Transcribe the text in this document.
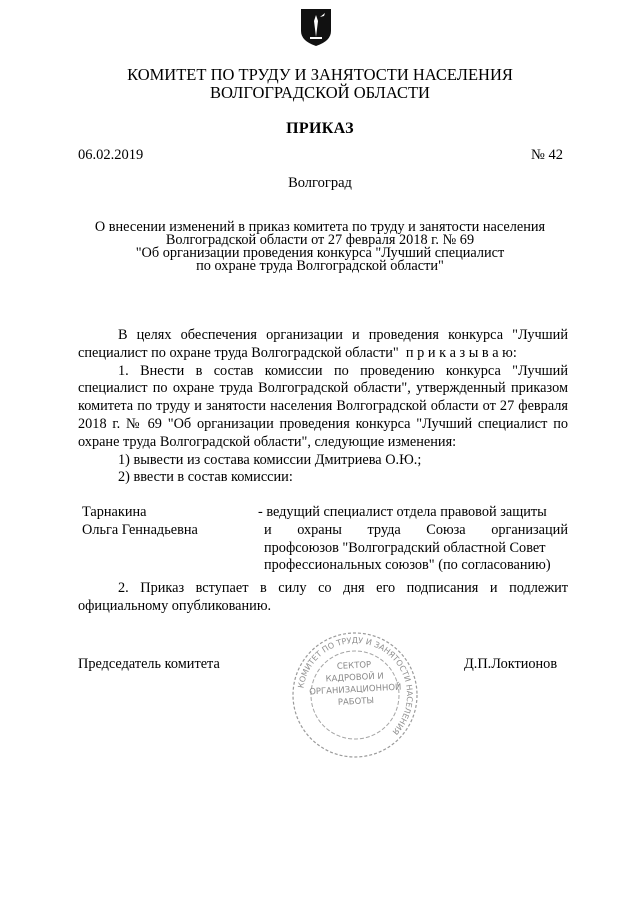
КОМИТЕТ ПО ТРУДУ И ЗАНЯТОСТИ НАСЕЛЕНИЯ
ВОЛГОГРАДСКОЙ ОБЛАСТИ
ПРИКАЗ
06.02.2019	№ 42
Волгоград
О внесении изменений в приказ комитета по труду и занятости населения
Волгоградской области от 27 февраля 2018 г. № 69
"Об организации проведения конкурса "Лучший специалист
по охране труда Волгоградской области"

В целях обеспечения организации и проведения конкурса "Лучший специалист по охране труда Волгоградской области" п р и к а з ы в а ю:

1. Внести в состав комиссии по проведению конкурса "Лучший специалист по охране труда Волгоградской области", утвержденный приказом комитета по труду и занятости населения Волгоградской области от 27 февраля 2018 г. № 69 "Об организации проведения конкурса "Лучший специалист по охране труда Волгоградской области", следующие изменения:

1) вывести из состава комиссии Дмитриева О.Ю.;

2) ввести в состав комиссии:

Тарнакина
Ольга Геннадьевна
- ведущий специалист отдела правовой защиты
и охраны труда Союза организаций
профсоюзов "Волгоградский областной Совет
профессиональных союзов" (по согласованию)
2. Приказ вступает в силу со дня его подписания и подлежит официальному опубликованию.
КОМИТЕТ ПО ТРУДУ И ЗАНЯТОСТИ НАСЕЛЕНИЯ
СЕКТОР
КАДРОВОЙ И
ОРГАНИЗАЦИОННОЙ
РАБОТЫ
Председатель комитета	Д.П.Локтионов
